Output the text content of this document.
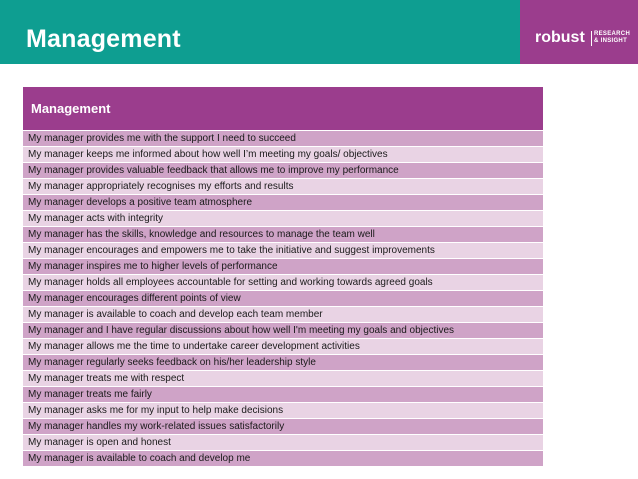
Management	robust RESEARCH
& INSIGHT
Management
My manager provides me with the support I need to succeed
My manager keeps me informed about how well I’m meeting my goals/ objectives
My manager provides valuable feedback that allows me to improve my performance
My manager appropriately recognises my efforts and results
My manager develops a positive team atmosphere
My manager acts with integrity
My manager has the skills, knowledge and resources to manage the team well
My manager encourages and empowers me to take the initiative and suggest improvements
My manager inspires me to higher levels of performance
My manager holds all employees accountable for setting and working towards agreed goals
My manager encourages different points of view
My manager is available to coach and develop each team member
My manager and I have regular discussions about how well I'm meeting my goals and objectives
My manager allows me the time to undertake career development activities
My manager regularly seeks feedback on his/her leadership style
My manager treats me with respect
My manager treats me fairly
My manager asks me for my input to help make decisions
My manager handles my work-related issues satisfactorily
My manager is open and honest
My manager is available to coach and develop me
